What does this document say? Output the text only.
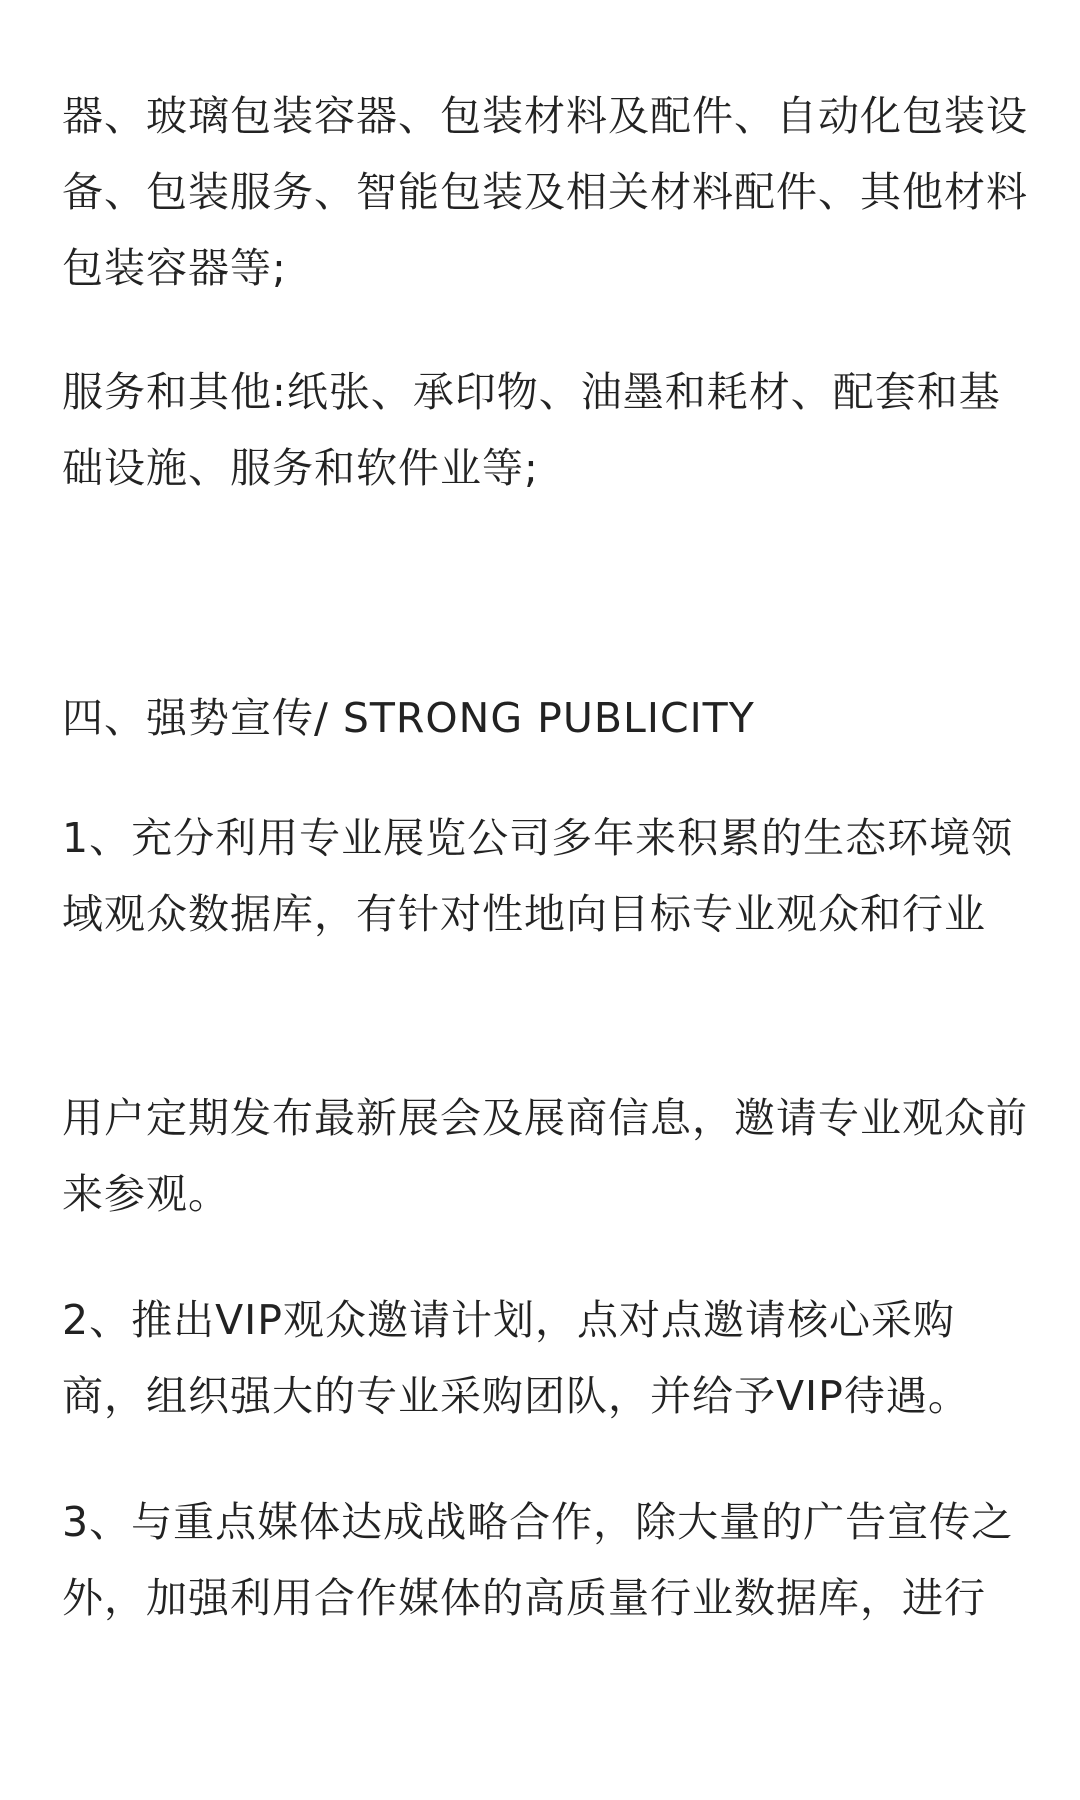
器、玻璃包装容器、包装材料及配件、自动化包装设备、包装服务、智能包装及相关材料配件、其他材料包装容器等;

服务和其他:纸张、承印物、油墨和耗材、配套和基础设施、服务和软件业等;

四、强势宣传/ STRONG PUBLICITY

1、充分利用专业展览公司多年来积累的生态环境领域观众数据库，有针对性地向目标专业观众和行业

用户定期发布最新展会及展商信息，邀请专业观众前来参观。

2、推出VIP观众邀请计划，点对点邀请核心采购商，组织强大的专业采购团队，并给予VIP待遇。

3、与重点媒体达成战略合作，除大量的广告宣传之外，加强利用合作媒体的高质量行业数据库，进行
